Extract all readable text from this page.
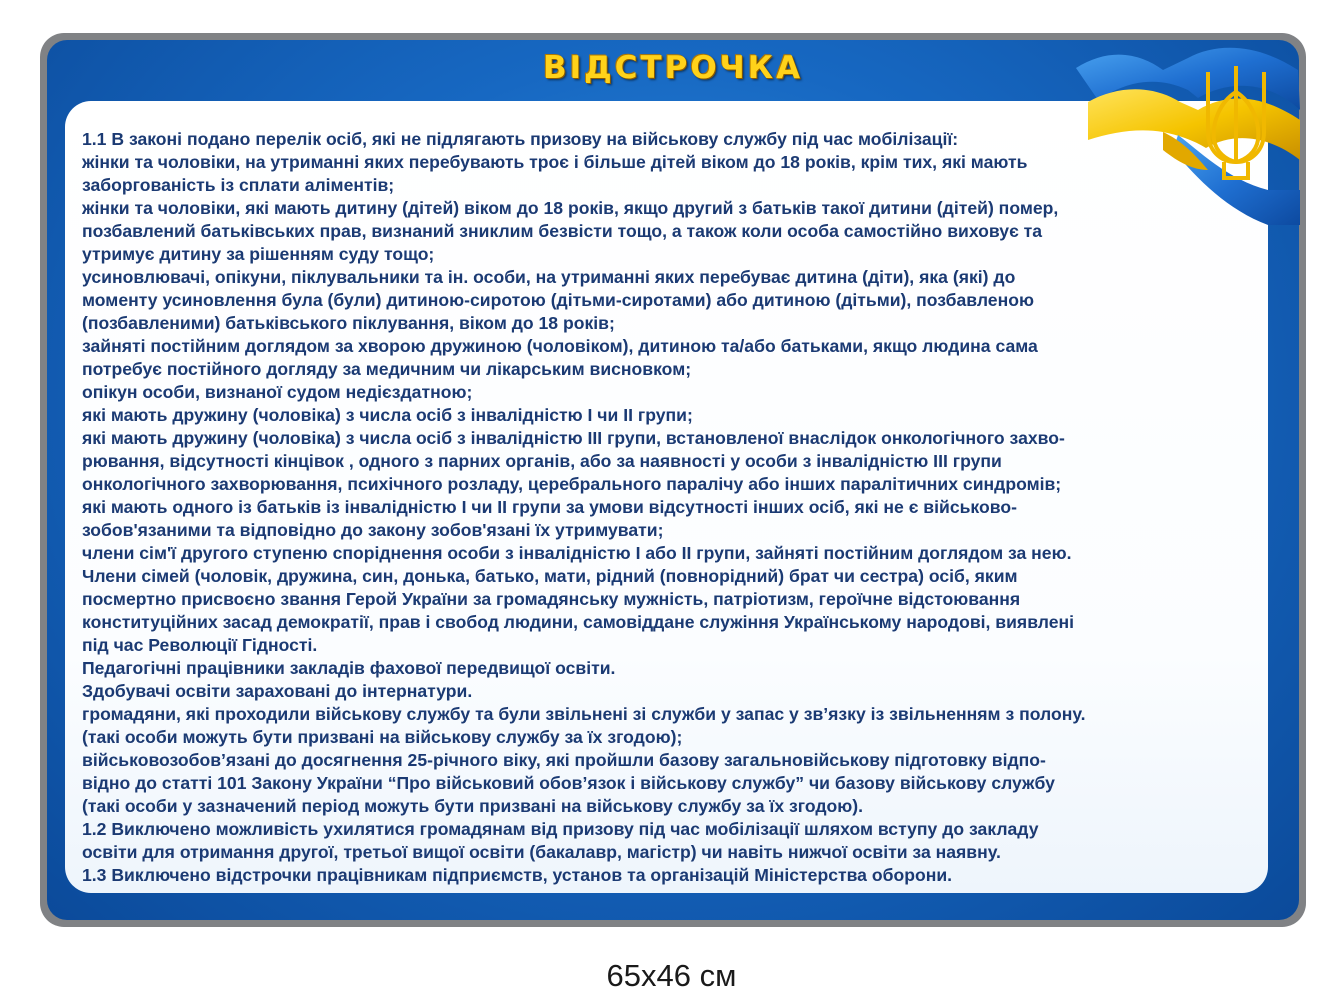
ВІДСТРОЧКА
1.1 В законі подано перелік осіб, які не підлягають призову на військову службу під час мобілізації:
жінки та чоловіки, на утриманні яких перебувають троє і більше дітей віком до 18 років, крім тих, які мають
заборгованість із сплати аліментів;
жінки та чоловіки, які мають дитину (дітей) віком до 18 років, якщо другий з батьків такої дитини (дітей) помер,
позбавлений батьківських прав, визнаний зниклим безвісти тощо, а також коли особа самостійно виховує та
утримує дитину за рішенням суду тощо;
усиновлювачі, опікуни, піклувальники та ін. особи, на утриманні яких перебуває дитина (діти), яка (які) до
моменту усиновлення була (були) дитиною-сиротою (дітьми-сиротами) або дитиною (дітьми), позбавленою
(позбавленими) батьківського піклування, віком до 18 років;
зайняті постійним доглядом за хворою дружиною (чоловіком), дитиною та/або батьками, якщо людина сама
потребує постійного догляду за медичним чи лікарським висновком;
опікун особи, визнаної судом недієздатною;
які мають дружину (чоловіка) з числа осіб з інвалідністю I чи II групи;
які мають дружину (чоловіка) з числа осіб з інвалідністю III групи, встановленої внаслідок онкологічного захво-
рювання, відсутності кінцівок , одного з парних органів, або за наявності у особи з інвалідністю III групи
онкологічного захворювання, психічного розладу, церебрального паралічу або інших паралітичних синдромів;
які мають одного із батьків із інвалідністю I чи II групи за умови відсутності інших осіб, які не є військово-
зобов'язаними та відповідно до закону зобов'язані їх утримувати;
члени сім'ї другого ступеню споріднення особи з інвалідністю I або II групи, зайняті постійним доглядом за нею.
Члени сімей (чоловік, дружина, син, донька, батько, мати, рідний (повнорідний) брат чи сестра) осіб, яким
посмертно присвоєно звання Герой України за громадянську мужність, патріотизм, героїчне відстоювання
конституційних засад демократії, прав і свобод людини, самовіддане служіння Українському народові, виявлені
під час Революції Гідності.
Педагогічні працівники закладів фахової передвищої освіти.
Здобувачі освіти зараховані до інтернатури.
громадяни, які проходили військову службу та були звільнені зі служби у запас у зв’язку із звільненням з полону.
(такі особи можуть бути призвані на військову службу за їх згодою);
військовозобов’язані до досягнення 25-річного віку, які пройшли базову загальновійськову підготовку відпо-
відно до статті 101 Закону України “Про військовий обов’язок і військову службу” чи базову військову службу
(такі особи у зазначений період можуть бути призвані на військову службу за їх згодою).
1.2 Виключено можливість ухилятися громадянам від призову під час мобілізації шляхом вступу до закладу
освіти для отримання другої, третьої вищої освіти (бакалавр, магістр) чи навіть нижчої освіти за наявну.
1.3 Виключено відстрочки працівникам підприємств, установ та організацій Міністерства оборони.
65x46 см
